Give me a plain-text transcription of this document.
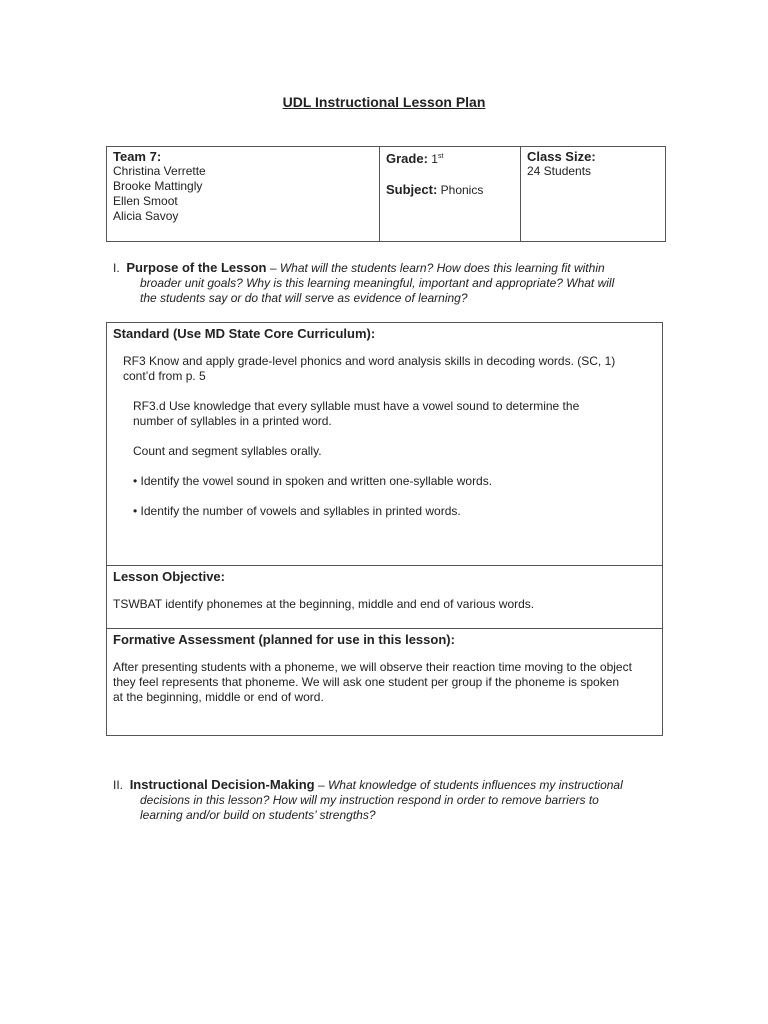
UDL Instructional Lesson Plan
Team 7:
Christina Verrette
Brooke Mattingly
Ellen Smoot
Alicia Savoy

Grade: 1st
Subject: Phonics

Class Size:
24 Students
I. Purpose of the Lesson – What will the students learn? How does this learning fit within
broader unit goals? Why is this learning meaningful, important and appropriate? What will
the students say or do that will serve as evidence of learning?
Standard (Use MD State Core Curriculum):

RF3 Know and apply grade-level phonics and word analysis skills in decoding words. (SC, 1)

cont’d from p. 5

RF3.d Use knowledge that every syllable must have a vowel sound to determine the

number of syllables in a printed word.

Count and segment syllables orally.

• Identify the vowel sound in spoken and written one-syllable words.

• Identify the number of vowels and syllables in printed words.

Lesson Objective:

TSWBAT identify phonemes at the beginning, middle and end of various words.

Formative Assessment (planned for use in this lesson):

After presenting students with a phoneme, we will observe their reaction time moving to the object

they feel represents that phoneme. We will ask one student per group if the phoneme is spoken

at the beginning, middle or end of word.

II. Instructional Decision-Making – What knowledge of students influences my instructional
decisions in this lesson? How will my instruction respond in order to remove barriers to
learning and/or build on students’ strengths?
